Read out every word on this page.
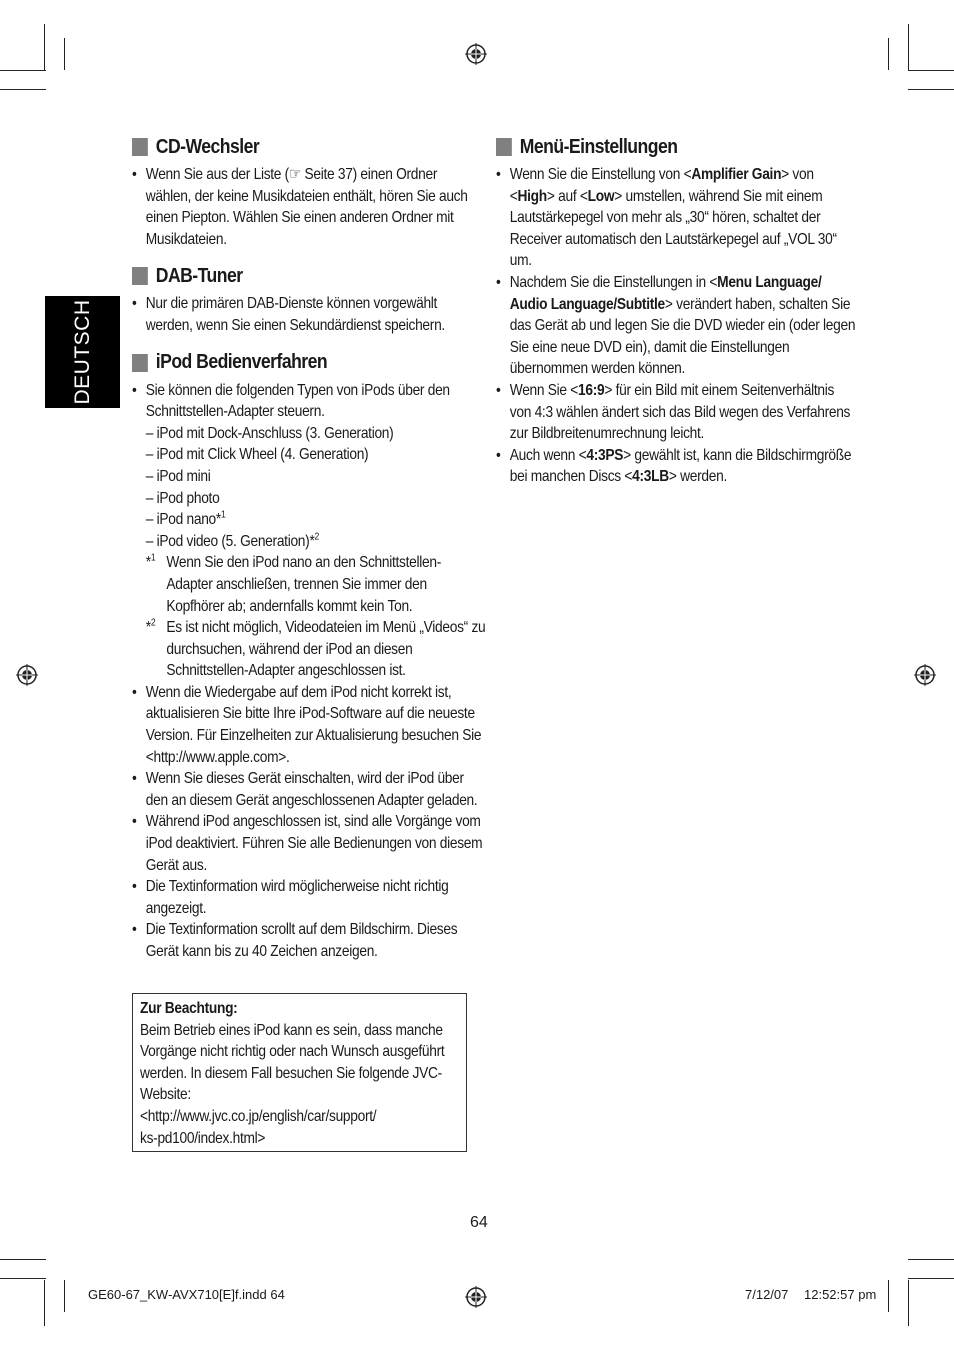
DEUTSCH
CD-Wechsler
• Wenn Sie aus der Liste (☞ Seite 37) einen Ordner wählen, der keine Musikdateien enthält, hören Sie auch einen Piepton. Wählen Sie einen anderen Ordner mit Musikdateien.
DAB-Tuner
• Nur die primären DAB-Dienste können vorgewählt werden, wenn Sie einen Sekundärdienst speichern.
iPod Bedienverfahren
• Sie können die folgenden Typen von iPods über den Schnittstellen-Adapter steuern.
– iPod mit Dock-Anschluss (3. Generation)
– iPod mit Click Wheel (4. Generation)
– iPod mini
– iPod photo
– iPod nano*$^1$
– iPod video (5. Generation)*$^2$
*$^1$ Wenn Sie den iPod nano an den Schnittstellen-Adapter anschließen, trennen Sie immer den Kopfhörer ab; andernfalls kommt kein Ton.
*$^2$ Es ist nicht möglich, Videodateien im Menü „Videos“ zu durchsuchen, während der iPod an diesen Schnittstellen-Adapter angeschlossen ist.
• Wenn die Wiedergabe auf dem iPod nicht korrekt ist, aktualisieren Sie bitte Ihre iPod-Software auf die neueste Version. Für Einzelheiten zur Aktualisierung besuchen Sie <http://www.apple.com>.
• Wenn Sie dieses Gerät einschalten, wird der iPod über den an diesem Gerät angeschlossenen Adapter geladen.
• Während iPod angeschlossen ist, sind alle Vorgänge vom iPod deaktiviert. Führen Sie alle Bedienungen von diesem Gerät aus.
• Die Textinformation wird möglicherweise nicht richtig angezeigt.
• Die Textinformation scrollt auf dem Bildschirm. Dieses Gerät kann bis zu 40 Zeichen anzeigen.
Zur Beachtung:
Beim Betrieb eines iPod kann es sein, dass manche Vorgänge nicht richtig oder nach Wunsch ausgeführt werden. In diesem Fall besuchen Sie folgende JVC-Website:
<http://www.jvc.co.jp/english/car/support/
ks-pd100/index.html>
Menü-Einstellungen
• Wenn Sie die Einstellung von <Amplifier Gain> von <High> auf <Low> umstellen, während Sie mit einem Lautstärkepegel von mehr als „30“ hören, schaltet der Receiver automatisch den Lautstärkepegel auf „VOL 30“ um.
• Nachdem Sie die Einstellungen in <Menu Language/ Audio Language/Subtitle> verändert haben, schalten Sie das Gerät ab und legen Sie die DVD wieder ein (oder legen Sie eine neue DVD ein), damit die Einstellungen übernommen werden können.
• Wenn Sie <16:9> für ein Bild mit einem Seitenverhältnis von 4:3 wählen ändert sich das Bild wegen des Verfahrens zur Bildbreitenumrechnung leicht.
• Auch wenn <4:3PS> gewählt ist, kann die Bildschirmgröße bei manchen Discs <4:3LB> werden.
64
GE60-67_KW-AVX710[E]f.indd 64	7/12/07 12:52:57 pm
